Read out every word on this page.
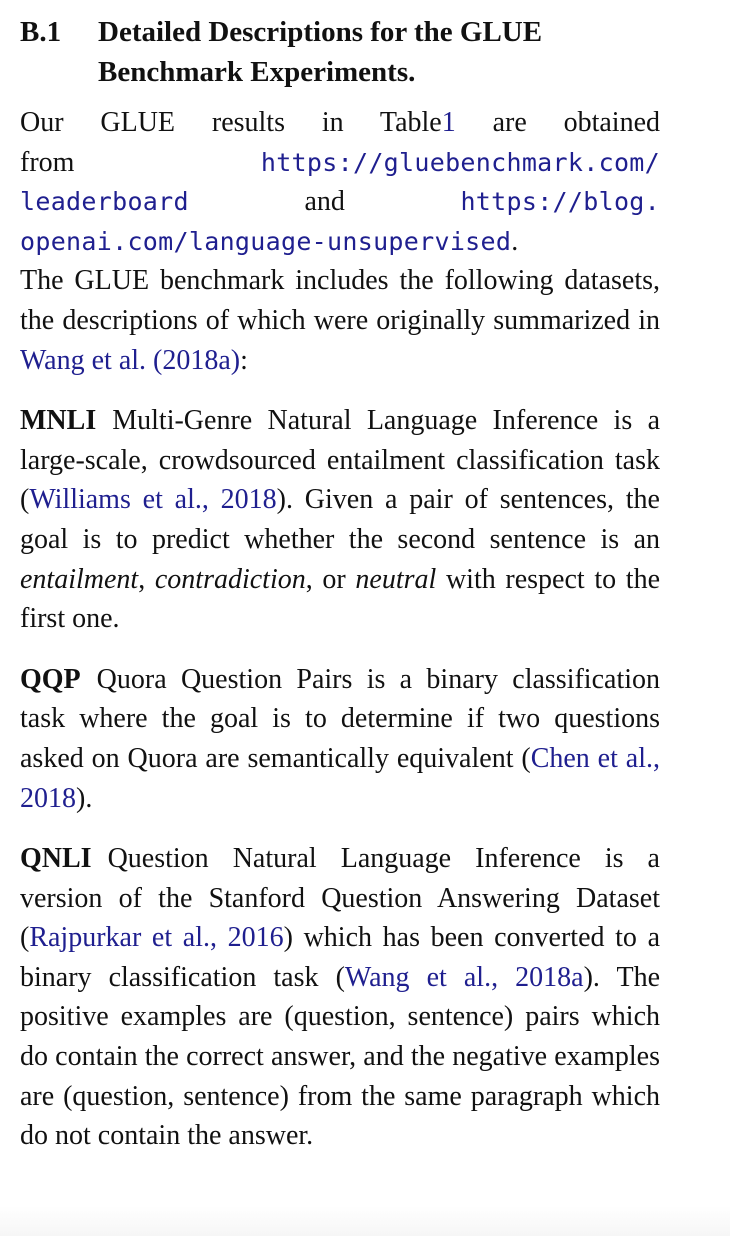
B.1	Detailed Descriptions for the GLUE
Benchmark Experiments.
Our GLUE results in Table1 are obtained
from	https://gluebenchmark.com/
leaderboard	and	https://blog.
openai.com/language-unsupervised.

The GLUE benchmark includes the following datasets, the descriptions of which were originally summarized in Wang et al. (2018a):

MNLI Multi-Genre Natural Language Inference is a large-scale, crowdsourced entailment classification task (Williams et al., 2018). Given a pair of sentences, the goal is to predict whether the second sentence is an entailment, contradiction, or neutral with respect to the first one.

QQP Quora Question Pairs is a binary classification task where the goal is to determine if two questions asked on Quora are semantically equivalent (Chen et al., 2018).

QNLI Question Natural Language Inference is a version of the Stanford Question Answering Dataset (Rajpurkar et al., 2016) which has been converted to a binary classification task (Wang et al., 2018a). The positive examples are (question, sentence) pairs which do contain the correct answer, and the negative examples are (question, sentence) from the same paragraph which do not contain the answer.
